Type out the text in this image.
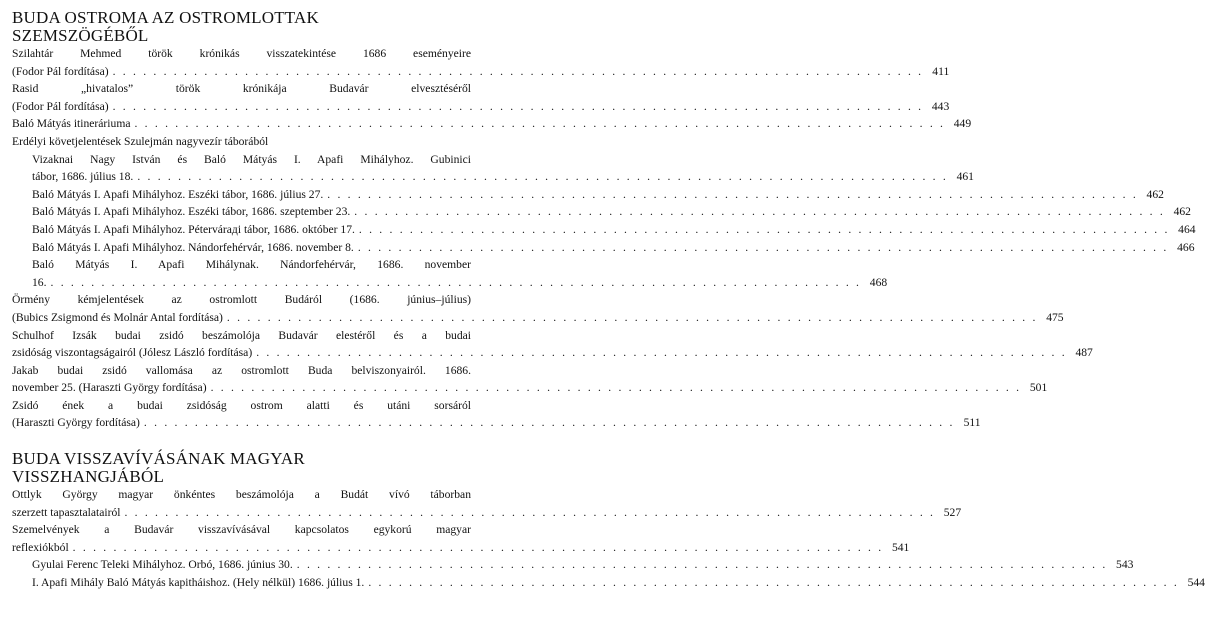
BUDA OSTROMA AZ OSTROMLOTTAK
SZEMSZÖGÉBŐL
Szilahtár Mehmed török krónikás visszatekintése 1686 eseményeire
(Fodor Pál fordítása) . . . . . . . . . . . . . . . . . . . . . . . . . . . . . . . . . . . . . . . . . . . . . . . . . . . . . . . . . . . . . . . . . . . . . . . . . . . . . . . . 411
Rasid „hivatalos” török krónikája Budavár elvesztéséről
(Fodor Pál fordítása) . . . . . . . . . . . . . . . . . . . . . . . . . . . . . . . . . . . . . . . . . . . . . . . . . . . . . . . . . . . . . . . . . . . . . . . . . . . . . . . . 443
Baló Mátyás itineráriuma . . . . . . . . . . . . . . . . . . . . . . . . . . . . . . . . . . . . . . . . . . . . . . . . . . . . . . . . . . . . . . . . . . . . . . . . . . . . . . . . 449
Erdélyi követjelentések Szulejmán nagyvezír táborából
Vizaknai Nagy István és Baló Mátyás I. Apafi Mihályhoz. Gubinici
tábor, 1686. július 18. . . . . . . . . . . . . . . . . . . . . . . . . . . . . . . . . . . . . . . . . . . . . . . . . . . . . . . . . . . . . . . . . . . . . . . . . . . . . . . . . 461
Baló Mátyás I. Apafi Mihályhoz. Eszéki tábor, 1686. július 27. . . . . . . . . . . . . . . . . . . . . . . . . . . . . . . . . . . . . . . . . . . . . . . . . . . . . . . . . . . . . . . . . . . . . . . . . . . . . . . . . 462
Baló Mátyás I. Apafi Mihályhoz. Eszéki tábor, 1686. szeptember 23. . . . . . . . . . . . . . . . . . . . . . . . . . . . . . . . . . . . . . . . . . . . . . . . . . . . . . . . . . . . . . . . . . . . . . . . . . . . . . . . . 462
Baló Mátyás I. Apafi Mihályhoz. Pétervárадi tábor, 1686. október 17. . . . . . . . . . . . . . . . . . . . . . . . . . . . . . . . . . . . . . . . . . . . . . . . . . . . . . . . . . . . . . . . . . . . . . . . . . . . . . . . . 464
Baló Mátyás I. Apafi Mihályhoz. Nándorfehérvár, 1686. november 8. . . . . . . . . . . . . . . . . . . . . . . . . . . . . . . . . . . . . . . . . . . . . . . . . . . . . . . . . . . . . . . . . . . . . . . . . . . . . . . . . 466
Baló Mátyás I. Apafi Mihálynak. Nándorfehérvár, 1686. november
16. . . . . . . . . . . . . . . . . . . . . . . . . . . . . . . . . . . . . . . . . . . . . . . . . . . . . . . . . . . . . . . . . . . . . . . . . . . . . . . . . 468
Örmény kémjelentések az ostromlott Budáról (1686. június–július)
(Bubics Zsigmond és Molnár Antal fordítása) . . . . . . . . . . . . . . . . . . . . . . . . . . . . . . . . . . . . . . . . . . . . . . . . . . . . . . . . . . . . . . . . . . . . . . . . . . . . . . . . 475
Schulhof Izsák budai zsidó beszámolója Budavár elestéről és a budai
zsidóság viszontagságairól (Jólesz László fordítása) . . . . . . . . . . . . . . . . . . . . . . . . . . . . . . . . . . . . . . . . . . . . . . . . . . . . . . . . . . . . . . . . . . . . . . . . . . . . . . . . 487
Jakab budai zsidó vallomása az ostromlott Buda belviszonyairól. 1686.
november 25. (Haraszti György fordítása) . . . . . . . . . . . . . . . . . . . . . . . . . . . . . . . . . . . . . . . . . . . . . . . . . . . . . . . . . . . . . . . . . . . . . . . . . . . . . . . . 501
Zsidó ének a budai zsidóság ostrom alatti és utáni sorsáról
(Haraszti György fordítása) . . . . . . . . . . . . . . . . . . . . . . . . . . . . . . . . . . . . . . . . . . . . . . . . . . . . . . . . . . . . . . . . . . . . . . . . . . . . . . . . 511
BUDA VISSZAVÍVÁSÁNAK MAGYAR
VISSZHANGJÁBÓL
Ottlyk György magyar önkéntes beszámolója a Budát vívó táborban
szerzett tapasztalatairól . . . . . . . . . . . . . . . . . . . . . . . . . . . . . . . . . . . . . . . . . . . . . . . . . . . . . . . . . . . . . . . . . . . . . . . . . . . . . . . . 527
Szemelvények a Budavár visszavívásával kapcsolatos egykorú magyar
reflexiókból . . . . . . . . . . . . . . . . . . . . . . . . . . . . . . . . . . . . . . . . . . . . . . . . . . . . . . . . . . . . . . . . . . . . . . . . . . . . . . . . 541
Gyulai Ferenc Teleki Mihályhoz. Orbó, 1686. június 30. . . . . . . . . . . . . . . . . . . . . . . . . . . . . . . . . . . . . . . . . . . . . . . . . . . . . . . . . . . . . . . . . . . . . . . . . . . . . . . . . 543
I. Apafi Mihály Baló Mátyás kapitháishoz. (Hely nélkül) 1686. július 1. . . . . . . . . . . . . . . . . . . . . . . . . . . . . . . . . . . . . . . . . . . . . . . . . . . . . . . . . . . . . . . . . . . . . . . . . . . . . . . . . 544
